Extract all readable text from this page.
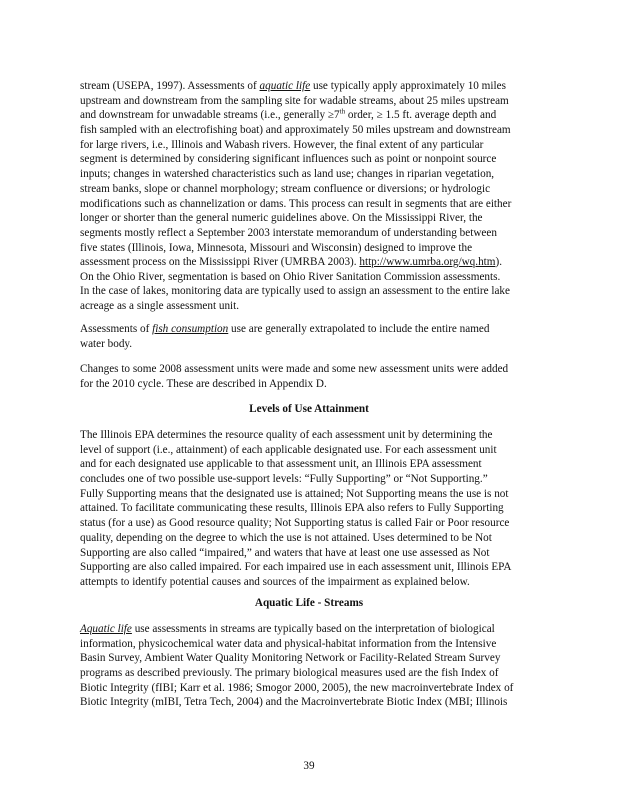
stream (USEPA, 1997). Assessments of aquatic life use typically apply approximately 10 miles
upstream and downstream from the sampling site for wadable streams, about 25 miles upstream
and downstream for unwadable streams (i.e., generally ≥7th order, ≥ 1.5 ft. average depth and
fish sampled with an electrofishing boat) and approximately 50 miles upstream and downstream
for large rivers, i.e., Illinois and Wabash rivers. However, the final extent of any particular
segment is determined by considering significant influences such as point or nonpoint source
inputs; changes in watershed characteristics such as land use; changes in riparian vegetation,
stream banks, slope or channel morphology; stream confluence or diversions; or hydrologic
modifications such as channelization or dams. This process can result in segments that are either
longer or shorter than the general numeric guidelines above. On the Mississippi River, the
segments mostly reflect a September 2003 interstate memorandum of understanding between
five states (Illinois, Iowa, Minnesota, Missouri and Wisconsin) designed to improve the
assessment process on the Mississippi River (UMRBA 2003). http://www.umrba.org/wq.htm).
On the Ohio River, segmentation is based on Ohio River Sanitation Commission assessments.
In the case of lakes, monitoring data are typically used to assign an assessment to the entire lake
acreage as a single assessment unit.
Assessments of fish consumption use are generally extrapolated to include the entire named
water body.
Changes to some 2008 assessment units were made and some new assessment units were added
for the 2010 cycle. These are described in Appendix D.
Levels of Use Attainment
The Illinois EPA determines the resource quality of each assessment unit by determining the
level of support (i.e., attainment) of each applicable designated use. For each assessment unit
and for each designated use applicable to that assessment unit, an Illinois EPA assessment
concludes one of two possible use-support levels: “Fully Supporting” or “Not Supporting.”
Fully Supporting means that the designated use is attained; Not Supporting means the use is not
attained. To facilitate communicating these results, Illinois EPA also refers to Fully Supporting
status (for a use) as Good resource quality; Not Supporting status is called Fair or Poor resource
quality, depending on the degree to which the use is not attained. Uses determined to be Not
Supporting are also called “impaired,” and waters that have at least one use assessed as Not
Supporting are also called impaired. For each impaired use in each assessment unit, Illinois EPA
attempts to identify potential causes and sources of the impairment as explained below.
Aquatic Life - Streams
Aquatic life use assessments in streams are typically based on the interpretation of biological
information, physicochemical water data and physical-habitat information from the Intensive
Basin Survey, Ambient Water Quality Monitoring Network or Facility-Related Stream Survey
programs as described previously. The primary biological measures used are the fish Index of
Biotic Integrity (fIBI; Karr et al. 1986; Smogor 2000, 2005), the new macroinvertebrate Index of
Biotic Integrity (mIBI, Tetra Tech, 2004) and the Macroinvertebrate Biotic Index (MBI; Illinois
39
